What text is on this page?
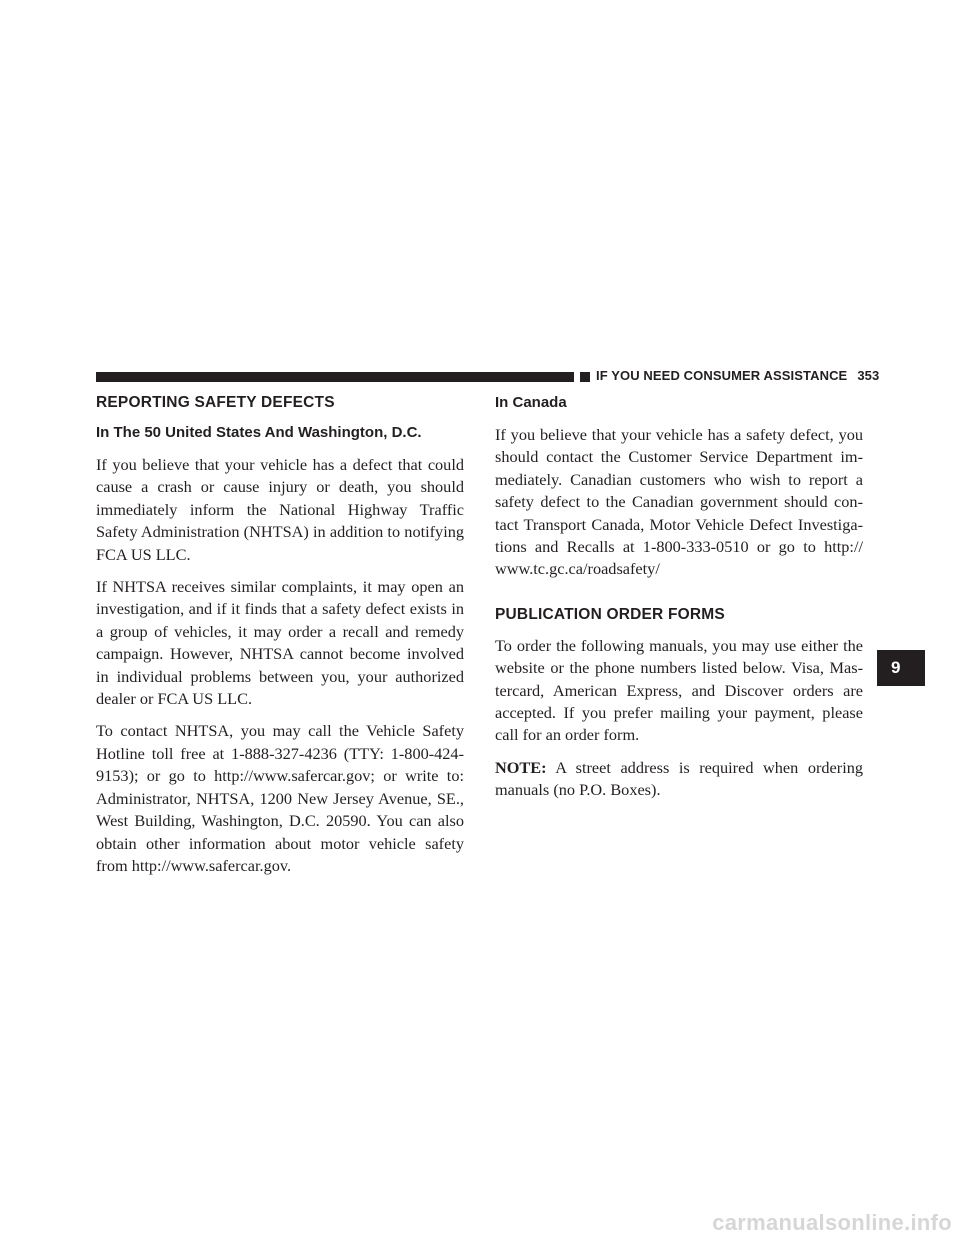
IF YOU NEED CONSUMER ASSISTANCE 353
REPORTING SAFETY DEFECTS
In The 50 United States And Washington, D.C.

If you believe that your vehicle has a defect that could cause a crash or cause injury or death, you should immediately inform the National Highway Traffic Safety Administration (NHTSA) in addition to notifying FCA US LLC.

If NHTSA receives similar complaints, it may open an investigation, and if it finds that a safety defect exists in a group of vehicles, it may order a recall and remedy campaign. However, NHTSA cannot become involved in individual problems between you, your authorized dealer or FCA US LLC.

To contact NHTSA, you may call the Vehicle Safety Hotline toll free at 1-888-327-4236 (TTY: 1-800-424-9153); or go to http://www.safercar.gov; or write to: Administrator, NHTSA, 1200 New Jersey Avenue, SE., West Building, Washington, D.C. 20590. You can also obtain other information about motor vehicle safety from http://www.safercar.gov.

In Canada

If you believe that your vehicle has a safety defect, you should contact the Customer Service Department immediately. Canadian customers who wish to report a safety defect to the Canadian government should contact Transport Canada, Motor Vehicle Defect Investigations and Recalls at 1-800-333-0510 or go to http:// www.tc.gc.ca/roadsafety/

PUBLICATION ORDER FORMS

To order the following manuals, you may use either the website or the phone numbers listed below. Visa, Mastercard, American Express, and Discover orders are accepted. If you prefer mailing your payment, please call for an order form.

NOTE: A street address is required when ordering manuals (no P.O. Boxes).

9
carmanualsonline.info
